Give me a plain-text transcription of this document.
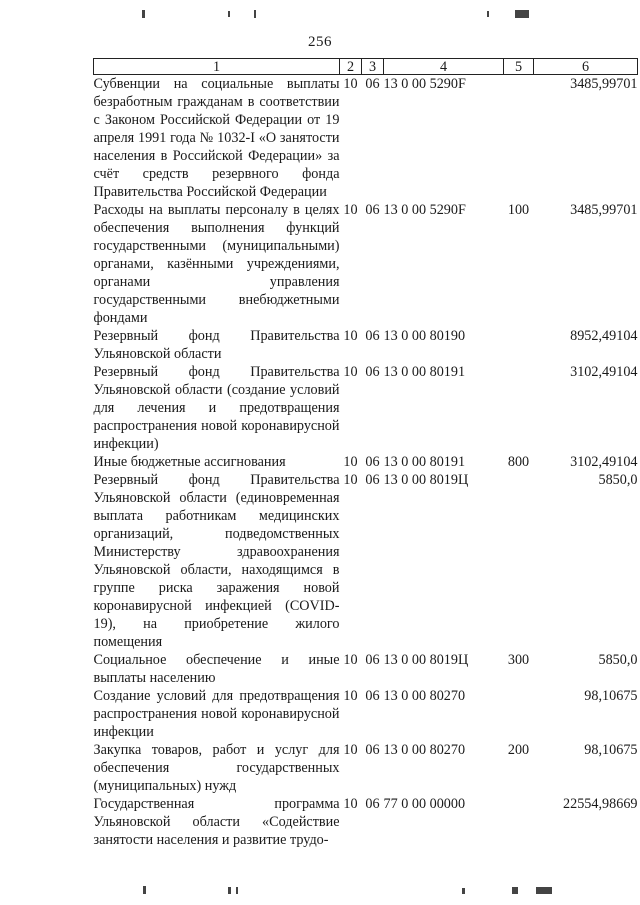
256
1	2	3	4	5	6
Субвенции на социальные выплаты безработным гражданам в соответствии с Законом Российской Федерации от 19 апреля 1991 года № 1032-I «О занятости населения в Российской Федерации» за счёт средств резервного фонда Правительства Российской Федерации	10	06	13 0 00 5290F		3485,99701
Расходы на выплаты персоналу в целях обеспечения выполнения функций государственными (муниципальными) органами, казёнными учреждениями, органами управления государственными внебюджетными фондами	10	06	13 0 00 5290F	100	3485,99701
Резервный фонд Правительства Ульяновской области	10	06	13 0 00 80190		8952,49104
Резервный фонд Правительства Ульяновской области (создание условий для лечения и предотвращения распространения новой коронавирусной инфекции)	10	06	13 0 00 80191		3102,49104
Иные бюджетные ассигнования	10	06	13 0 00 80191	800	3102,49104
Резервный фонд Правительства Ульяновской области (единовременная выплата работникам медицинских организаций, подведомственных Министерству здравоохранения Ульяновской области, находящимся в группе риска заражения новой коронавирусной инфекцией (COVID-19), на приобретение жилого помещения	10	06	13 0 00 8019Ц		5850,0
Социальное обеспечение и иные выплаты населению	10	06	13 0 00 8019Ц	300	5850,0
Создание условий для предотвращения распространения новой коронавирусной инфекции	10	06	13 0 00 80270		98,10675
Закупка товаров, работ и услуг для обеспечения государственных (муниципальных) нужд	10	06	13 0 00 80270	200	98,10675
Государственная программа Ульяновской области «Содействие занятости населения и развитие трудо-	10	06	77 0 00 00000		22554,98669
